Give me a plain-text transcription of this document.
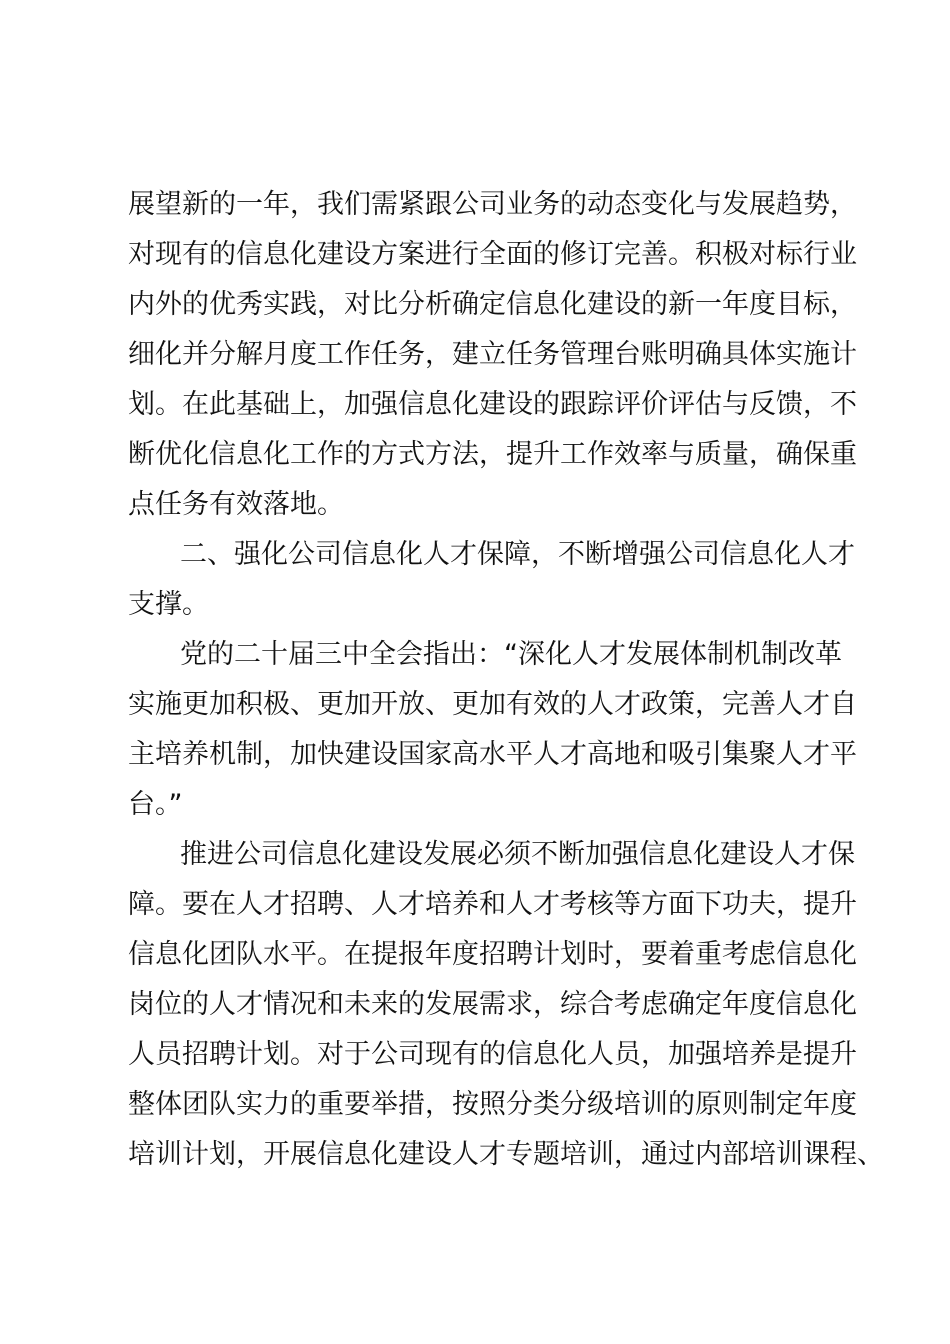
展望新的一年，我们需紧跟公司业务的动态变化与发展趋势，
对现有的信息化建设方案进行全面的修订完善。积极对标行业
内外的优秀实践，对比分析确定信息化建设的新一年度目标，
细化并分解月度工作任务，建立任务管理台账明确具体实施计
划。在此基础上，加强信息化建设的跟踪评价评估与反馈，不
断优化信息化工作的方式方法，提升工作效率与质量，确保重
点任务有效落地。
二、强化公司信息化人才保障，不断增强公司信息化人才
支撑。
党的二十届三中全会指出：“深化人才发展体制机制改革
实施更加积极、更加开放、更加有效的人才政策，完善人才自
主培养机制，加快建设国家高水平人才高地和吸引集聚人才平
台。”
推进公司信息化建设发展必须不断加强信息化建设人才保
障。要在人才招聘、人才培养和人才考核等方面下功夫，提升
信息化团队水平。在提报年度招聘计划时，要着重考虑信息化
岗位的人才情况和未来的发展需求，综合考虑确定年度信息化
人员招聘计划。对于公司现有的信息化人员，加强培养是提升
整体团队实力的重要举措，按照分类分级培训的原则制定年度
培训计划，开展信息化建设人才专题培训，通过内部培训课程、
